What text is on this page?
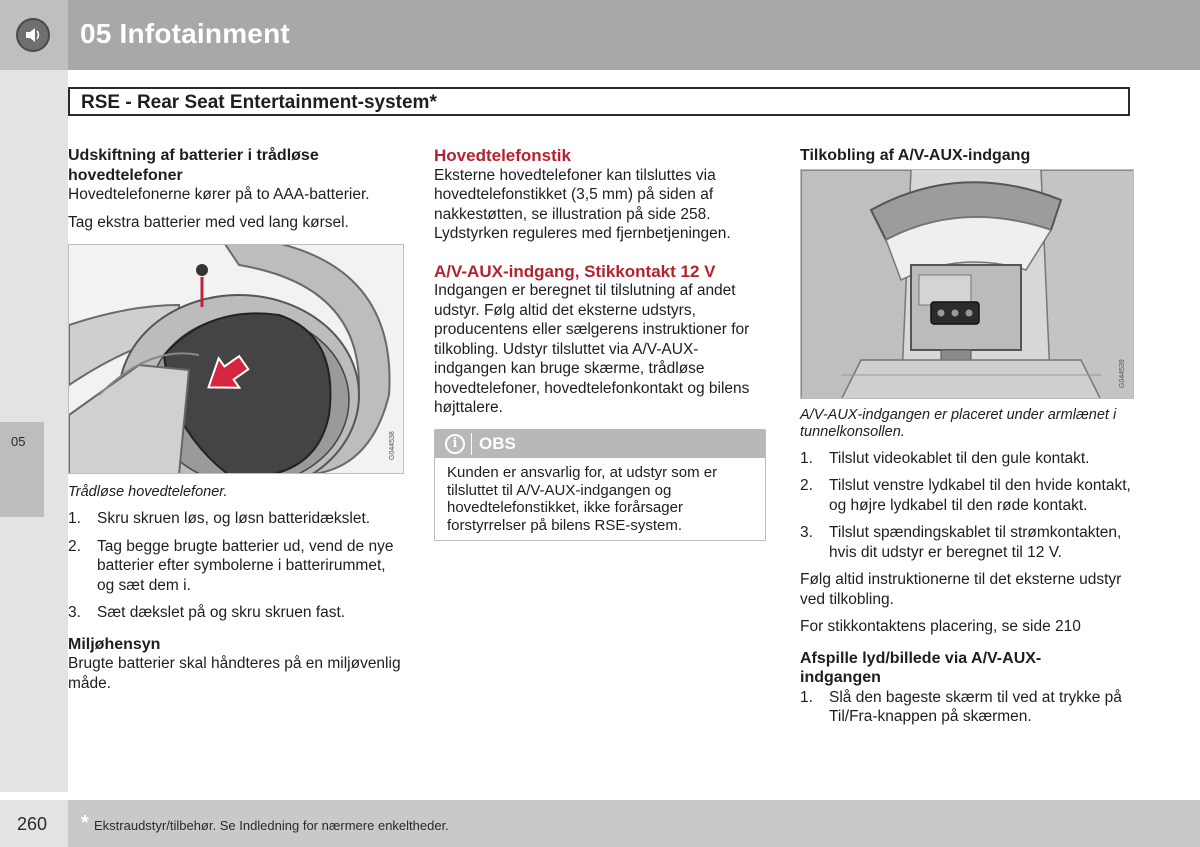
05 Infotainment
05
RSE - Rear Seat Entertainment-system*

Udskiftning af batterier i trådløse hovedtelefoner

Hovedtelefonerne kører på to AAA-batterier.

Tag ekstra batterier med ved lang kørsel.

G044538

Trådløse hovedtelefoner.

1. Skru skruen løs, og løsn batteridækslet.
2. Tag begge brugte batterier ud, vend de nye batterier efter symbolerne i batterirummet, og sæt dem i.
3. Sæt dækslet på og skru skruen fast.

Miljøhensyn

Brugte batterier skal håndteres på en miljøvenlig måde.

Hovedtelefonstik

Eksterne hovedtelefoner kan tilsluttes via hovedtelefonstikket (3,5 mm) på siden af nakkestøtten, se illustration på side 258. Lydstyrken reguleres med fjernbetjeningen.

A/V-AUX-indgang, Stikkontakt 12 V

Indgangen er beregnet til tilslutning af andet udstyr. Følg altid det eksterne udstyrs, producentens eller sælgerens instruktioner for tilkobling. Udstyr tilsluttet via A/V-AUX-indgangen kan bruge skærme, trådløse hovedtelefoner, hovedtelefonkontakt og bilens højttalere.

i	OBS
Kunden er ansvarlig for, at udstyr som er tilsluttet til A/V-AUX-indgangen og hovedtelefonstikket, ikke forårsager forstyrrelser på bilens RSE-system.

Tilkobling af A/V-AUX-indgang

G044539

A/V-AUX-indgangen er placeret under armlænet i tunnelkonsollen.

1. Tilslut videokablet til den gule kontakt.
2. Tilslut venstre lydkabel til den hvide kontakt, og højre lydkabel til den røde kontakt.
3. Tilslut spændingskablet til strømkontakten, hvis dit udstyr er beregnet til 12 V.

Følg altid instruktionerne til det eksterne udstyr ved tilkobling.

For stikkontaktens placering, se side 210

Afspille lyd/billede via A/V-AUX-indgangen

1. Slå den bageste skærm til ved at trykke på Til/Fra-knappen på skærmen.
260 * Ekstraudstyr/tilbehør. Se Indledning for nærmere enkeltheder.
